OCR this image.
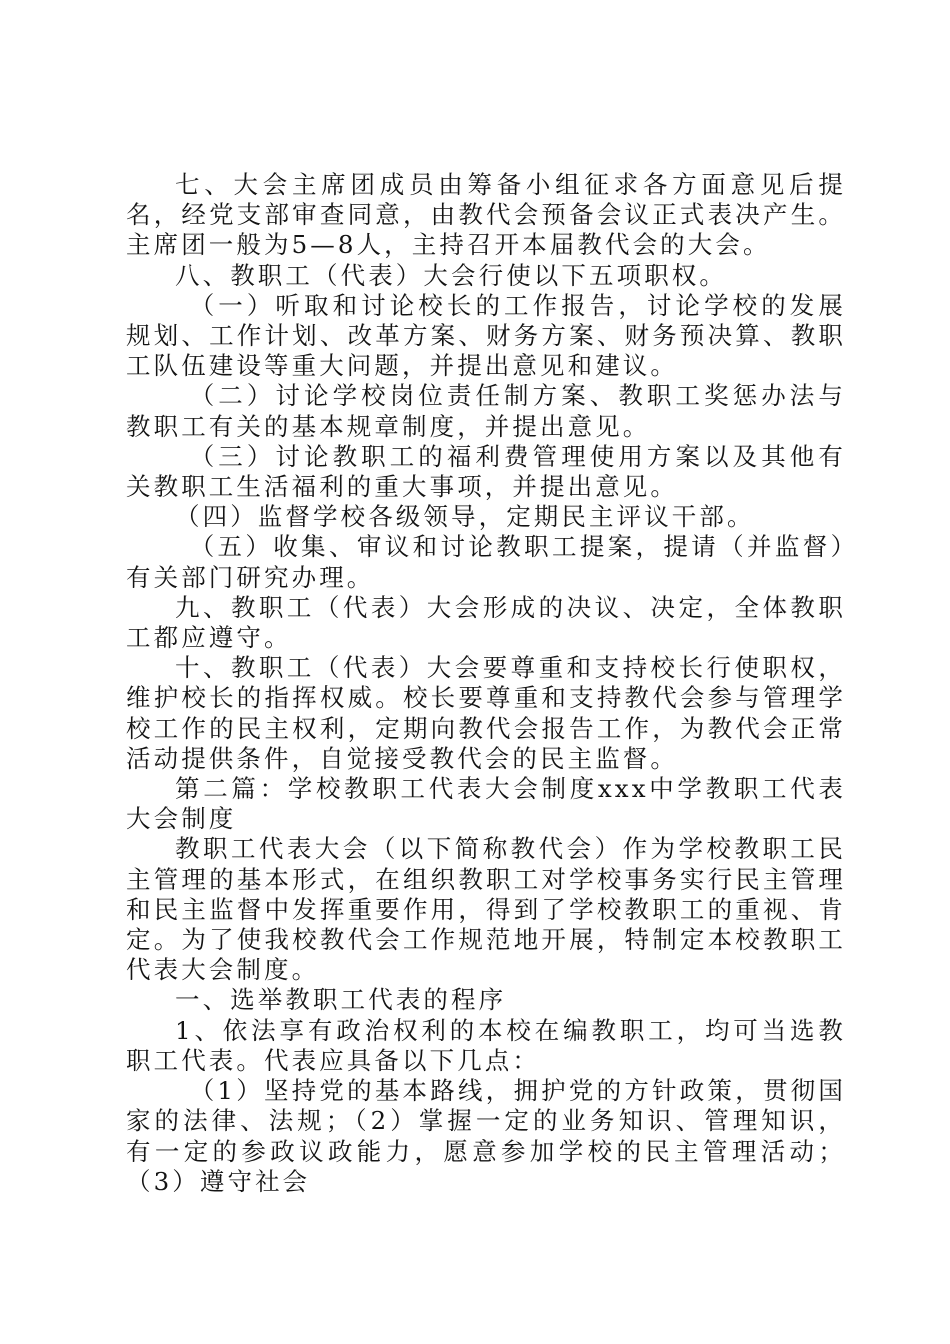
七、大会主席团成员由筹备小组征求各方面意见后提名，经党支部审查同意，由教代会预备会议正式表决产生。主席团一般为5—8人，主持召开本届教代会的大会。

八、教职工（代表）大会行使以下五项职权。

（一）听取和讨论校长的工作报告，讨论学校的发展规划、工作计划、改革方案、财务方案、财务预决算、教职工队伍建设等重大问题，并提出意见和建议。

（二）讨论学校岗位责任制方案、教职工奖惩办法与教职工有关的基本规章制度，并提出意见。

（三）讨论教职工的福利费管理使用方案以及其他有关教职工生活福利的重大事项，并提出意见。

（四）监督学校各级领导，定期民主评议干部。

（五）收集、审议和讨论教职工提案，提请（并监督）有关部门研究办理。

九、教职工（代表）大会形成的决议、决定，全体教职工都应遵守。

十、教职工（代表）大会要尊重和支持校长行使职权，维护校长的指挥权威。校长要尊重和支持教代会参与管理学校工作的民主权利，定期向教代会报告工作，为教代会正常活动提供条件，自觉接受教代会的民主监督。

第二篇：学校教职工代表大会制度xxx中学教职工代表大会制度

教职工代表大会（以下简称教代会）作为学校教职工民主管理的基本形式，在组织教职工对学校事务实行民主管理和民主监督中发挥重要作用，得到了学校教职工的重视、肯定。为了使我校教代会工作规范地开展，特制定本校教职工代表大会制度。

一、选举教职工代表的程序

1、依法享有政治权利的本校在编教职工，均可当选教职工代表。代表应具备以下几点：

（1）坚持党的基本路线，拥护党的方针政策，贯彻国家的法律、法规；（2）掌握一定的业务知识、管理知识，有一定的参政议政能力，愿意参加学校的民主管理活动；（3）遵守社会
